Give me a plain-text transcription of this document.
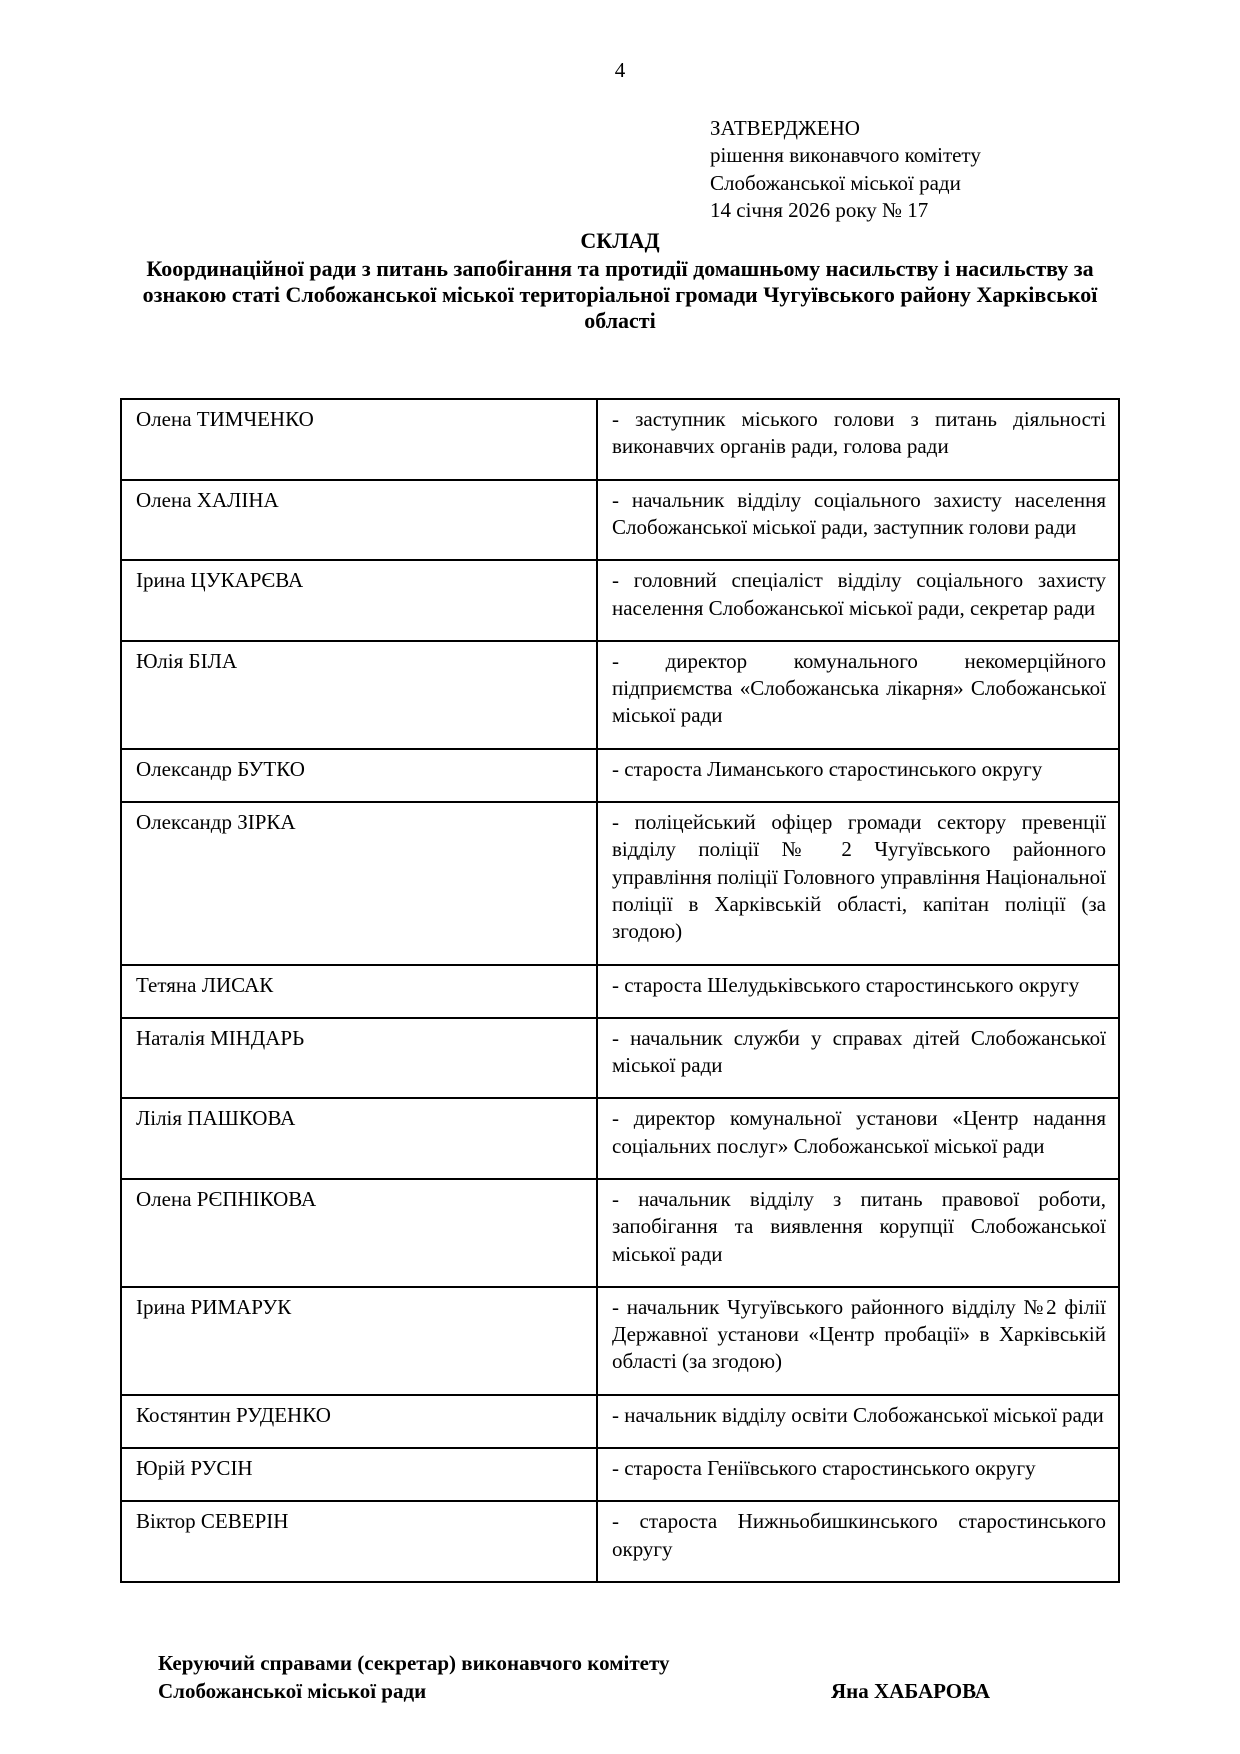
4
ЗАТВЕРДЖЕНО
рішення виконавчого комітету
Слобожанської міської ради
14 січня 2026 року № 17
СКЛАД
Координаційної ради з питань запобігання та протидії домашньому насильству і насильству за ознакою статі Слобожанської міської територіальної громади Чугуївського району Харківської області
Олена ТИМЧЕНКО	- заступник міського голови з питань діяльності виконавчих органів ради, голова ради
Олена ХАЛІНА	- начальник відділу соціального захисту населення Слобожанської міської ради, заступник голови ради
Ірина ЦУКАРЄВА	- головний спеціаліст відділу соціального захисту населення Слобожанської міської ради, секретар ради
Юлія БІЛА	- директор комунального некомерційного підприємства «Слобожанська лікарня» Слобожанської міської ради
Олександр БУТКО	- староста Лиманського старостинського округу
Олександр ЗІРКА	- поліцейський офіцер громади сектору превенції відділу поліції № 2 Чугуївського районного управління поліції Головного управління Національної поліції в Харківській області, капітан поліції (за згодою)
Тетяна ЛИСАК	- староста Шелудьківського старостинського округу
Наталія МІНДАРЬ	- начальник служби у справах дітей Слобожанської міської ради
Лілія ПАШКОВА	- директор комунальної установи «Центр надання соціальних послуг» Слобожанської міської ради
Олена РЄПНІКОВА	- начальник відділу з питань правової роботи, запобігання та виявлення корупції Слобожанської міської ради
Ірина РИМАРУК	- начальник Чугуївського районного відділу №2 філії Державної установи «Центр пробації» в Харківській області (за згодою)
Костянтин РУДЕНКО	- начальник відділу освіти Слобожанської міської ради
Юрій РУСІН	- староста Геніївського старостинського округу
Віктор СЕВЕРІН	- староста Нижньобишкинського старостинського округу
Керуючий справами (секретар) виконавчого комітету Слобожанської міської ради	Яна ХАБАРОВА
